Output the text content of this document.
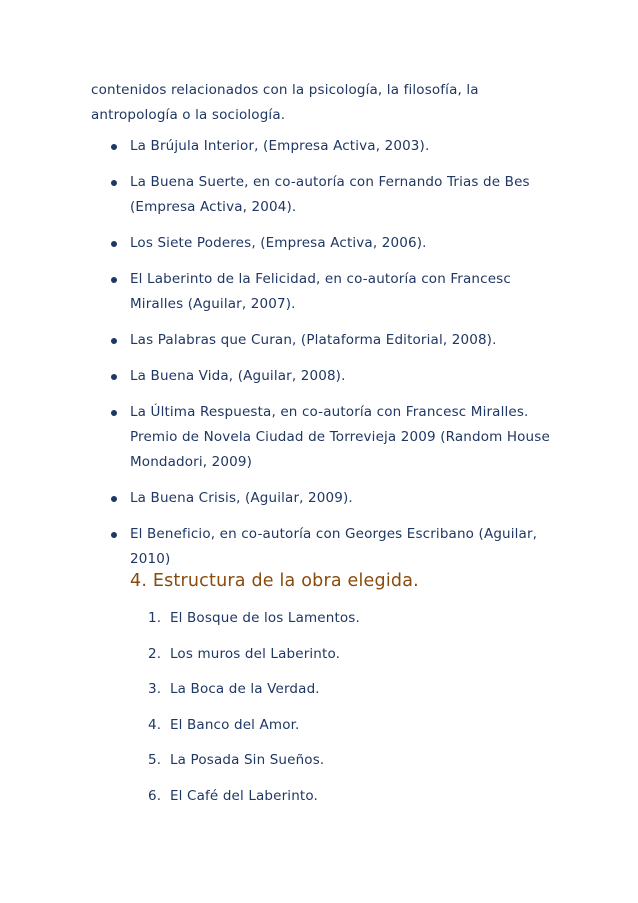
contenidos relacionados con la psicología, la filosofía, la
antropología o la sociología.
La Brújula Interior, (Empresa Activa, 2003).
La Buena Suerte, en co-autoría con Fernando Trias de Bes (Empresa Activa, 2004).
Los Siete Poderes, (Empresa Activa, 2006).
El Laberinto de la Felicidad, en co-autoría con Francesc Miralles (Aguilar, 2007).
Las Palabras que Curan, (Plataforma Editorial, 2008).
La Buena Vida, (Aguilar, 2008).
La Última Respuesta, en co-autoría con Francesc Miralles. Premio de Novela Ciudad de Torrevieja 2009 (Random House Mondadori, 2009)
La Buena Crisis, (Aguilar, 2009).
El Beneficio, en co-autoría con Georges Escribano (Aguilar, 2010)
4. Estructura de la obra elegida.
1. El Bosque de los Lamentos.
2. Los muros del Laberinto.
3. La Boca de la Verdad.
4. El Banco del Amor.
5. La Posada Sin Sueños.
6. El Café del Laberinto.
